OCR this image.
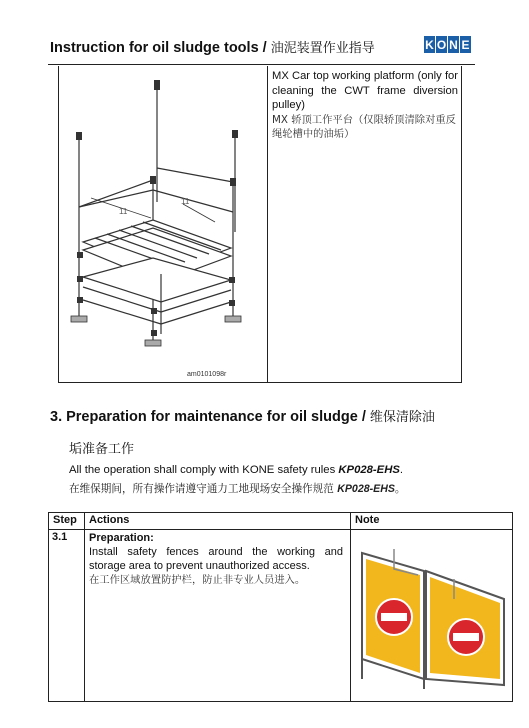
Instruction for oil sludge tools / 油泥装置作业指导	K O N E
11
11
am0101098r
MX Car top working platform (only for cleaning the CWT frame diversion pulley)
MX 轿顶工作平台（仅限轿顶清除对重反绳轮槽中的油垢）
3. Preparation for maintenance for oil sludge / 维保清除油
垢准备工作
All the operation shall comply with KONE safety rules KP028-EHS.
在维保期间，所有操作请遵守通力工地现场安全操作规范 KP028-EHS。
Step	Actions	Note
3.1 Preparation:
Install safety fences around the working and storage area to prevent unauthorized access.
在工作区域放置防护栏，防止非专业人员进入。
